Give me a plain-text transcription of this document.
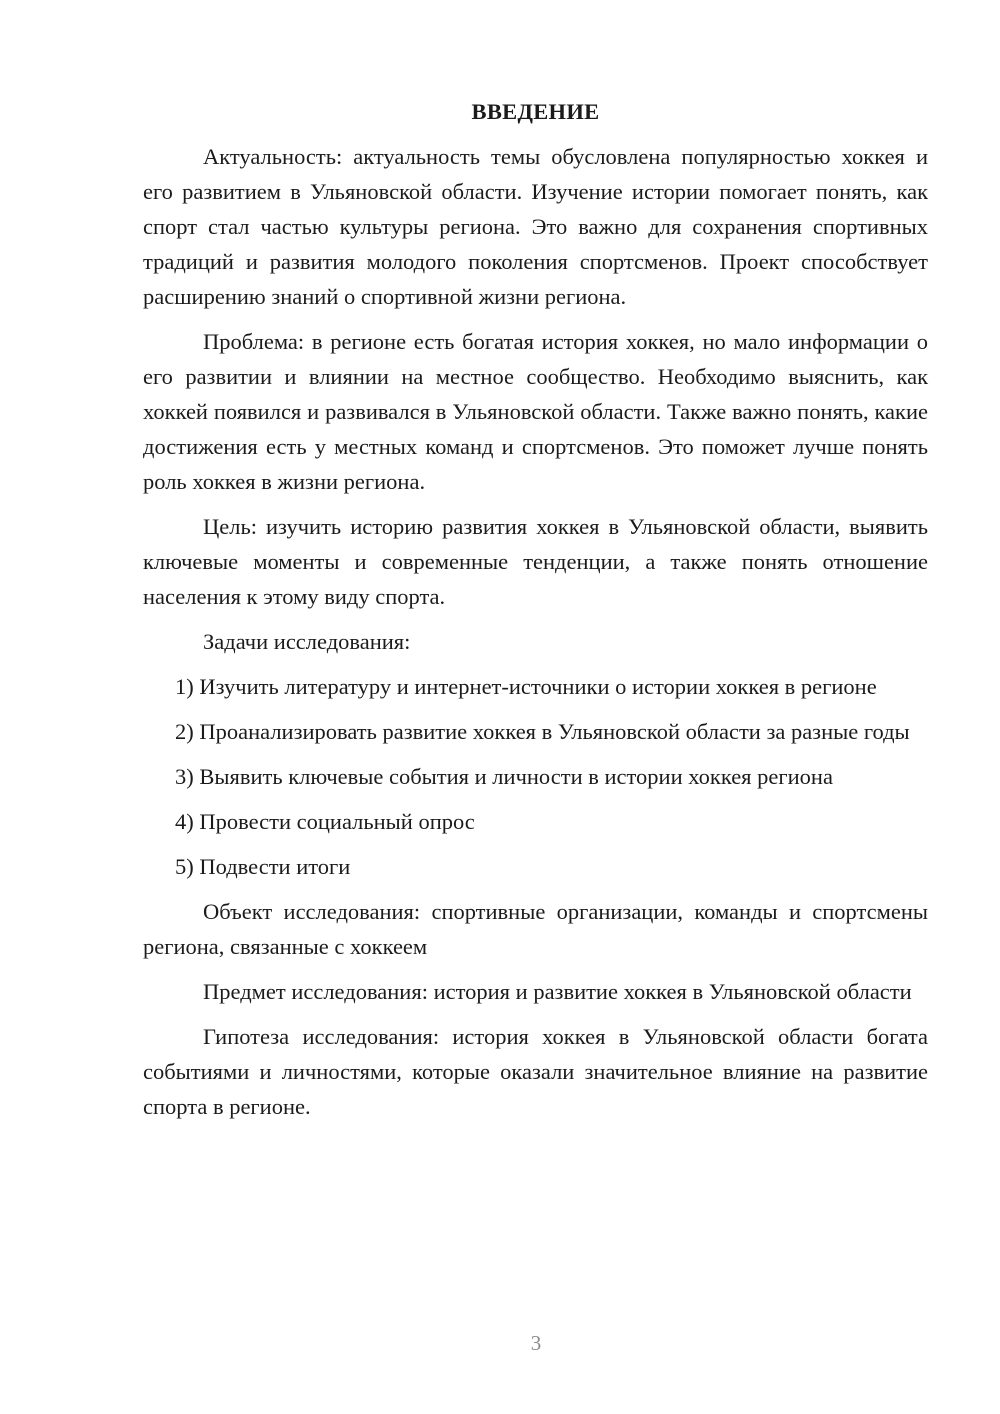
ВВЕДЕНИЕ

Актуальность: актуальность темы обусловлена популярностью хоккея и его развитием в Ульяновской области. Изучение истории помогает понять, как спорт стал частью культуры региона. Это важно для сохранения спортивных традиций и развития молодого поколения спортсменов. Проект способствует расширению знаний о спортивной жизни региона.

Проблема: в регионе есть богатая история хоккея, но мало информации о его развитии и влиянии на местное сообщество. Необходимо выяснить, как хоккей появился и развивался в Ульяновской области. Также важно понять, какие достижения есть у местных команд и спортсменов. Это поможет лучше понять роль хоккея в жизни региона.

Цель: изучить историю развития хоккея в Ульяновской области, выявить ключевые моменты и современные тенденции, а также понять отношение населения к этому виду спорта.

Задачи исследования:

1) Изучить литературу и интернет-источники о истории хоккея в регионе

2) Проанализировать развитие хоккея в Ульяновской области за разные годы

3) Выявить ключевые события и личности в истории хоккея региона

4) Провести социальный опрос

5) Подвести итоги

Объект исследования: спортивные организации, команды и спортсмены региона, связанные с хоккеем

Предмет исследования: история и развитие хоккея в Ульяновской области

Гипотеза исследования: история хоккея в Ульяновской области богата событиями и личностями, которые оказали значительное влияние на развитие спорта в регионе.

3
